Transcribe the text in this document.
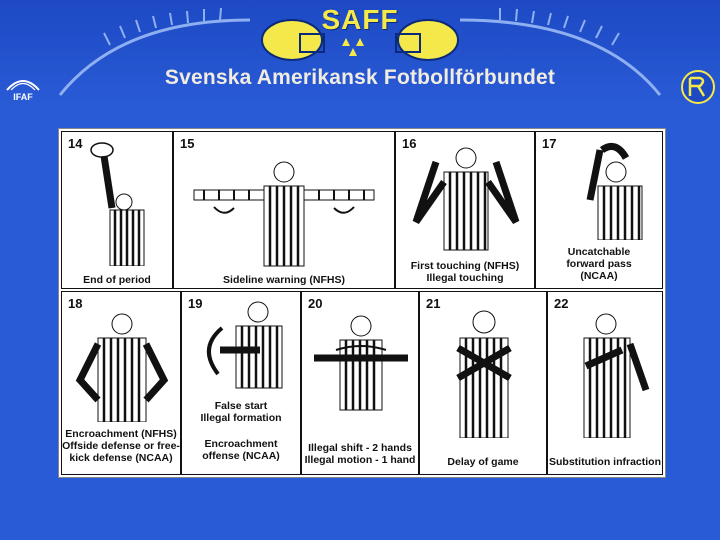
SAFF
Svenska Amerikansk Fotbollförbundet
IFAF
14
End of period
15
Sideline warning (NFHS)
16
First touching (NFHS)
Illegal touching
17
Uncatchable
forward pass
(NCAA)
18
Encroachment (NFHS)
Offside defense or free-
kick defense (NCAA)
19
False start
Illegal formation
Encroachment
offense (NCAA)
20
Illegal shift - 2 hands
Illegal motion - 1 hand
21
Delay of game
22
Substitution infraction
